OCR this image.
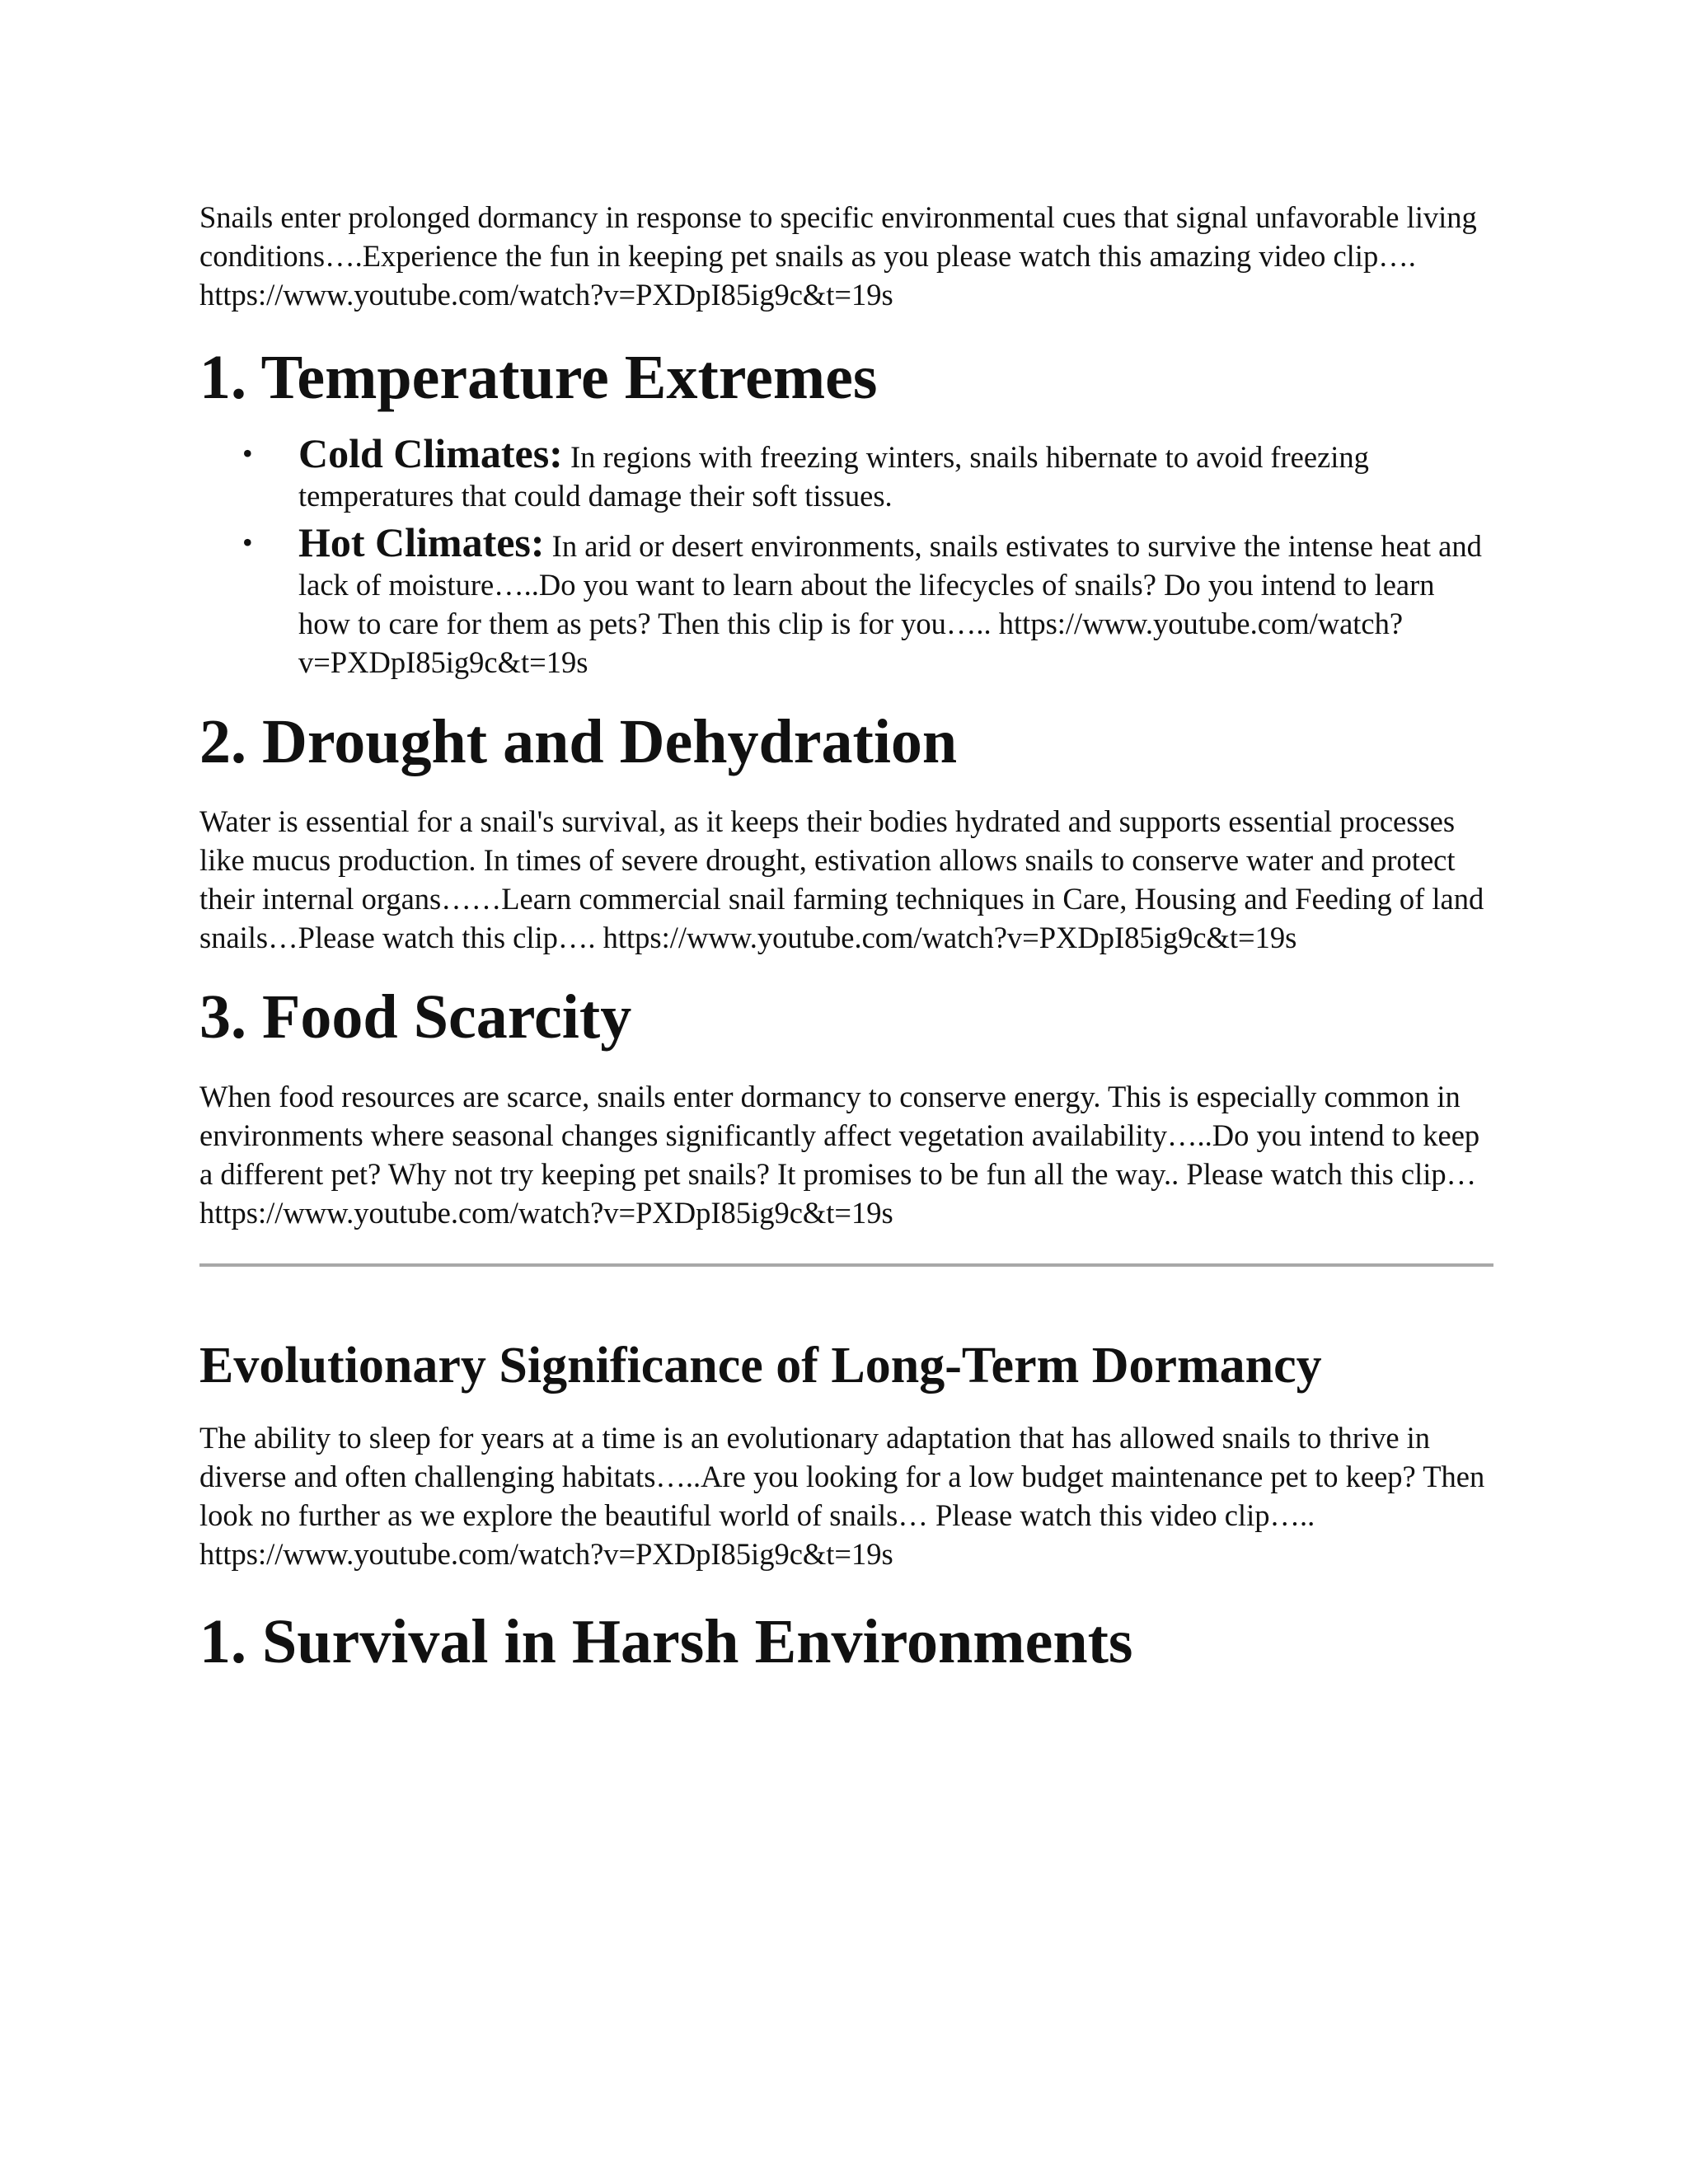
Snails enter prolonged dormancy in response to specific environmental cues that signal unfavorable living conditions….Experience the fun in keeping pet snails as you please watch this amazing video clip…. https://www.youtube.com/watch?v=PXDpI85ig9c&t=19s

1. Temperature Extremes
• Cold Climates: In regions with freezing winters, snails hibernate to avoid freezing temperatures that could damage their soft tissues.
• Hot Climates: In arid or desert environments, snails estivates to survive the intense heat and lack of moisture…..Do you want to learn about the lifecycles of snails? Do you intend to learn how to care for them as pets? Then this clip is for you….. https://www.youtube.com/watch?v=PXDpI85ig9c&t=19s
2. Drought and Dehydration

Water is essential for a snail's survival, as it keeps their bodies hydrated and supports essential processes like mucus production. In times of severe drought, estivation allows snails to conserve water and protect their internal organs……Learn commercial snail farming techniques in Care, Housing and Feeding of land snails…Please watch this clip…. https://www.youtube.com/watch?v=PXDpI85ig9c&t=19s

3. Food Scarcity

When food resources are scarce, snails enter dormancy to conserve energy. This is especially common in environments where seasonal changes significantly affect vegetation availability…..Do you intend to keep a different pet? Why not try keeping pet snails? It promises to be fun all the way.. Please watch this clip… https://www.youtube.com/watch?v=PXDpI85ig9c&t=19s

Evolutionary Significance of Long-Term Dormancy

The ability to sleep for years at a time is an evolutionary adaptation that has allowed snails to thrive in diverse and often challenging habitats…..Are you looking for a low budget maintenance pet to keep? Then look no further as we explore the beautiful world of snails… Please watch this video clip….. https://www.youtube.com/watch?v=PXDpI85ig9c&t=19s

1. Survival in Harsh Environments
